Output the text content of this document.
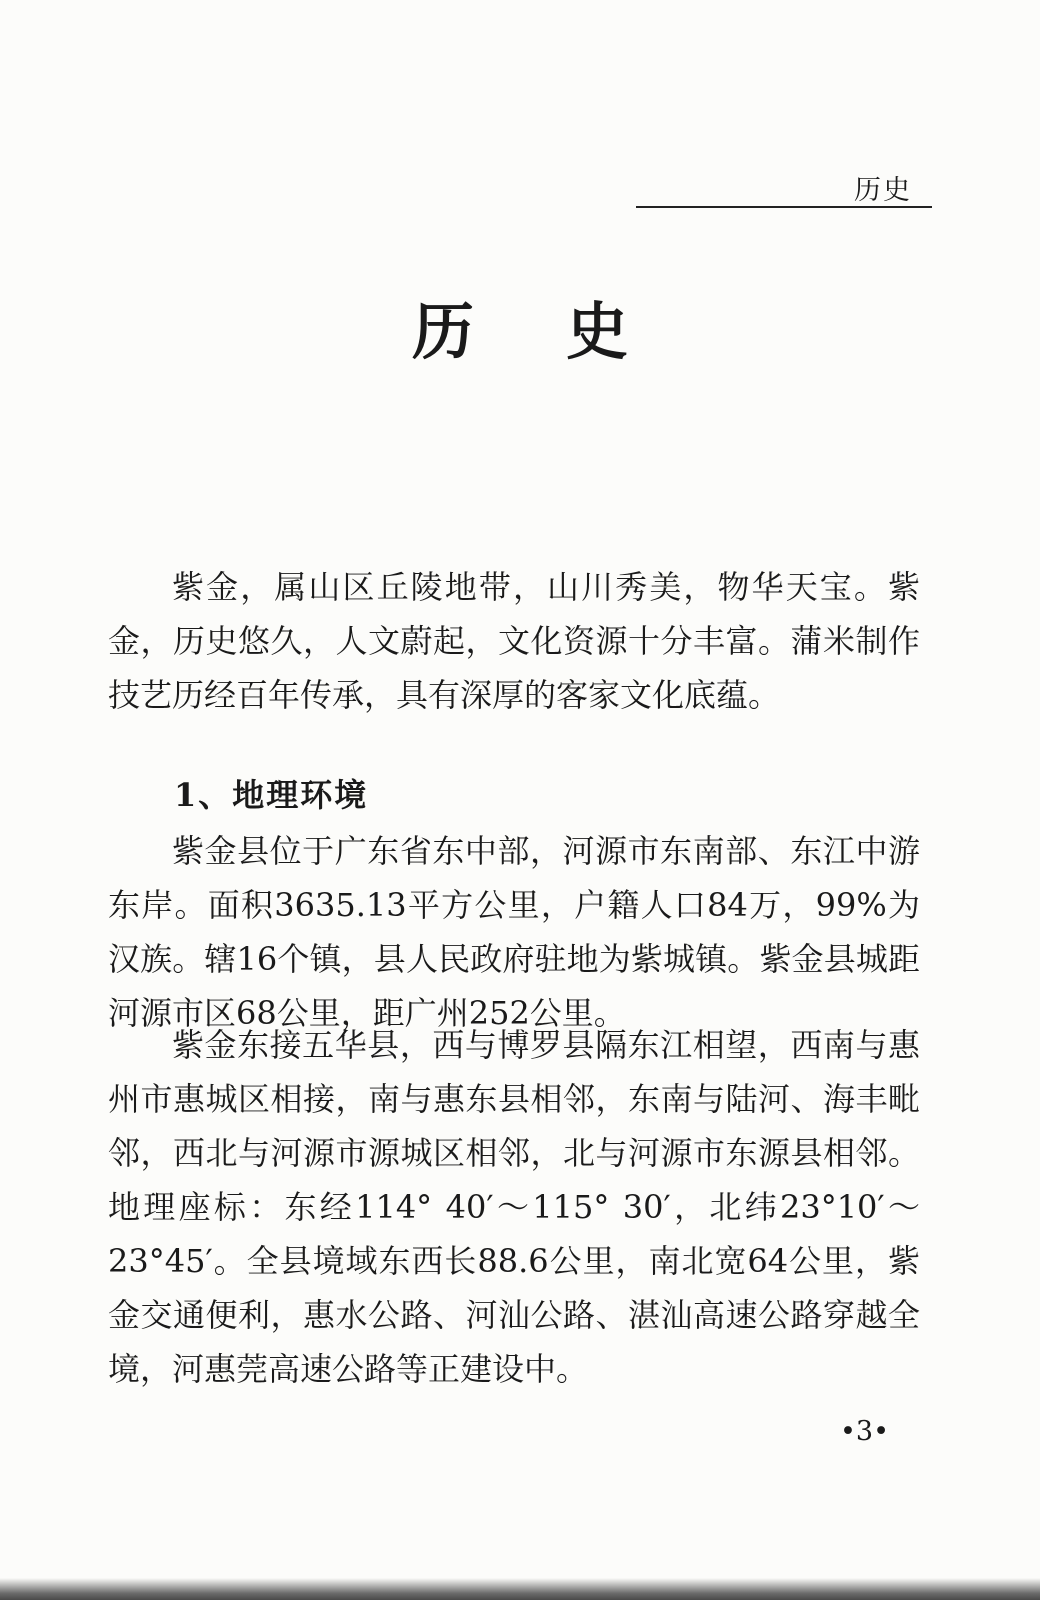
历史
历 史

紫金，属山区丘陵地带，山川秀美，物华天宝。紫金，历史悠久，人文蔚起，文化资源十分丰富。蒲米制作技艺历经百年传承，具有深厚的客家文化底蕴。

1、地理环境

紫金县位于广东省东中部，河源市东南部、东江中游东岸。面积3635.13平方公里，户籍人口84万，99%为汉族。辖16个镇，县人民政府驻地为紫城镇。紫金县城距河源市区68公里，距广州252公里。

紫金东接五华县，西与博罗县隔东江相望，西南与惠州市惠城区相接，南与惠东县相邻，东南与陆河、海丰毗邻，西北与河源市源城区相邻，北与河源市东源县相邻。地理座标：东经114° 40′～115° 30′，北纬23°10′～23°45′。全县境域东西长88.6公里，南北宽64公里，紫金交通便利，惠水公路、河汕公路、湛汕高速公路穿越全境，河惠莞高速公路等正建设中。

•3•
